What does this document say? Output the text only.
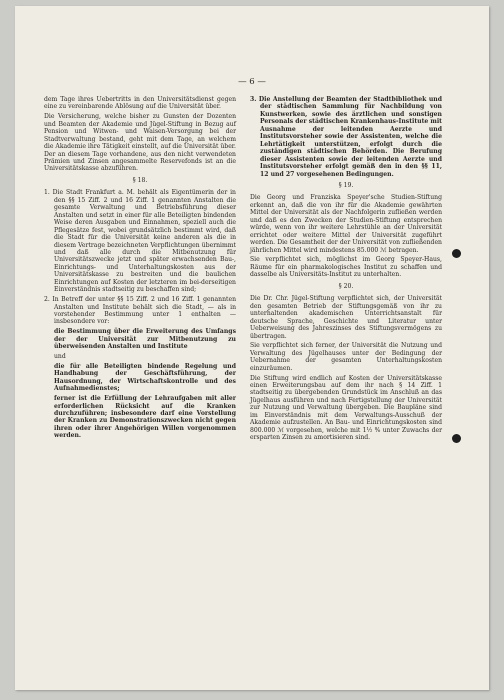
— 6 —

dem Tage ihres Uebertritts in den Universitätsdienst gegen eine zu vereinbarende Ablösung auf die Universität über.

Die Versicherung, welche bisher zu Gunsten der Dozenten und Beamten der Akademie und Jügel-Stiftung in Bezug auf Pension und Witwen- und Waisen-Versorgung bei der Stadtverwaltung bestand, geht mit dem Tage, an welchem die Akademie ihre Tätigkeit einstellt, auf die Universität über. Der an diesem Tage vorhandene, aus den nicht verwendeten Prämien und Zinsen angesammelte Reservefonds ist an die Universitätskasse abzuführen.

§ 18.

1. Die Stadt Frankfurt a. M. behält als Eigentümerin der in den §§ 15 Ziff. 2 und 16 Ziff. 1 genannten Anstalten die gesamte Verwaltung und Betriebsführung dieser Anstalten und setzt in einer für alle Beteiligten bindenden Weise deren Ausgaben und Einnahmen, speziell auch die Pflegesätze fest, wobei grundsätzlich bestimmt wird, daß die Stadt für die Universität keine anderen als die in diesem Vertrage bezeichneten Verpflichtungen übernimmt und daß alle durch die Mitbenutzung für Universitätszwecke jetzt und später erwachsenden Bau-, Einrichtungs- und Unterhaltungskosten aus der Universitätskasse zu bestreiten und die baulichen Einrichtungen auf Kosten der letzteren im bei-derseitigen Einverständnis stadtseitig zu beschaffen sind;

2. In Betreff der unter §§ 15 Ziff. 2 und 16 Ziff. 1 genannten Anstalten und Institute behält sich die Stadt, — als in vorstehender Bestimmung unter 1 enthalten — insbesondere vor:

die Bestimmung über die Erweiterung des Umfangs der der Universität zur Mitbenutzung zu überweisenden Anstalten und Institute

und

die für alle Beteiligten bindende Regelung und Handhabung der Geschäftsführung, der Hausordnung, der Wirtschaftskontrolle und des Aufnahmedienstes;

ferner ist die Erfüllung der Lehraufgaben mit aller erforderlichen Rücksicht auf die Kranken durchzuführen; insbesondere darf eine Vorstellung der Kranken zu Demonstrationszwecken nicht gegen ihren oder ihrer Angehörigen Willen vorgenommen werden.

3. Die Anstellung der Beamten der Stadtbibliothek und der städtischen Sammlung für Nachbildung von Kunstwerken, sowie des ärztlichen und sonstigen Personals der städtischen Krankenhaus-Institute mit Ausnahme der leitenden Aerzte und Institutsvorsteher sowie der Assistenten, welche die Lehrtätigkeit unterstützen, erfolgt durch die zuständigen städtischen Behörden. Die Berufung dieser Assistenten sowie der leitenden Aerzte und Institutsvorsteher erfolgt gemäß den in den §§ 11, 12 und 27 vorgesehenen Bedingungen.

§ 19.

Die Georg und Franziska Speyer'sche Studien-Stiftung erkennt an, daß die von ihr für die Akademie gewährten Mittel der Universität als der Nachfolgerin zufließen werden und daß es den Zwecken der Studien-Stiftung entsprechen würde, wenn von ihr weitere Lehrstühle an der Universität errichtet oder weitere Mittel der Universität zugeführt werden. Die Gesamtheit der der Universität von zufließenden jährlichen Mittel wird mindestens 85.000 ℳ betragen.

Sie verpflichtet sich, möglichst im Georg Speyer-Haus, Räume für ein pharmakologisches Institut zu schaffen und dasselbe als Universitäts-Institut zu unterhalten.

§ 20.

Die Dr. Chr. Jügel-Stiftung verpflichtet sich, der Universität den gesamten Betrieb der Stiftungsgemäß von ihr zu unterhaltenden akademischen Unterrichtsanstalt für deutsche Sprache, Geschichte und Literatur unter Ueberweisung des Jahreszinses des Stiftungsvermögens zu übertragen.

Sie verpflichtet sich ferner, der Universität die Nutzung und Verwaltung des Jügelhauses unter der Bedingung der Uebernahme der gesamten Unterhaltungskosten einzuräumen.

Die Stiftung wird endlich auf Kosten der Universitätskasse einen Erweiterungsbau auf dem ihr nach § 14 Ziff. 1 stadtseitig zu übergebenden Grundstück im Anschluß an das Jügelhaus ausführen und nach Fertigstellung der Universität zur Nutzung und Verwaltung übergeben. Die Baupläne sind im Einverständnis mit dem Verwaltungs-Ausschuß der Akademie aufzustellen. An Bau- und Einrichtungskosten sind 800.000 ℳ vorgesehen, welche mit 1½ % unter Zuwachs der ersparten Zinsen zu amortisieren sind.
